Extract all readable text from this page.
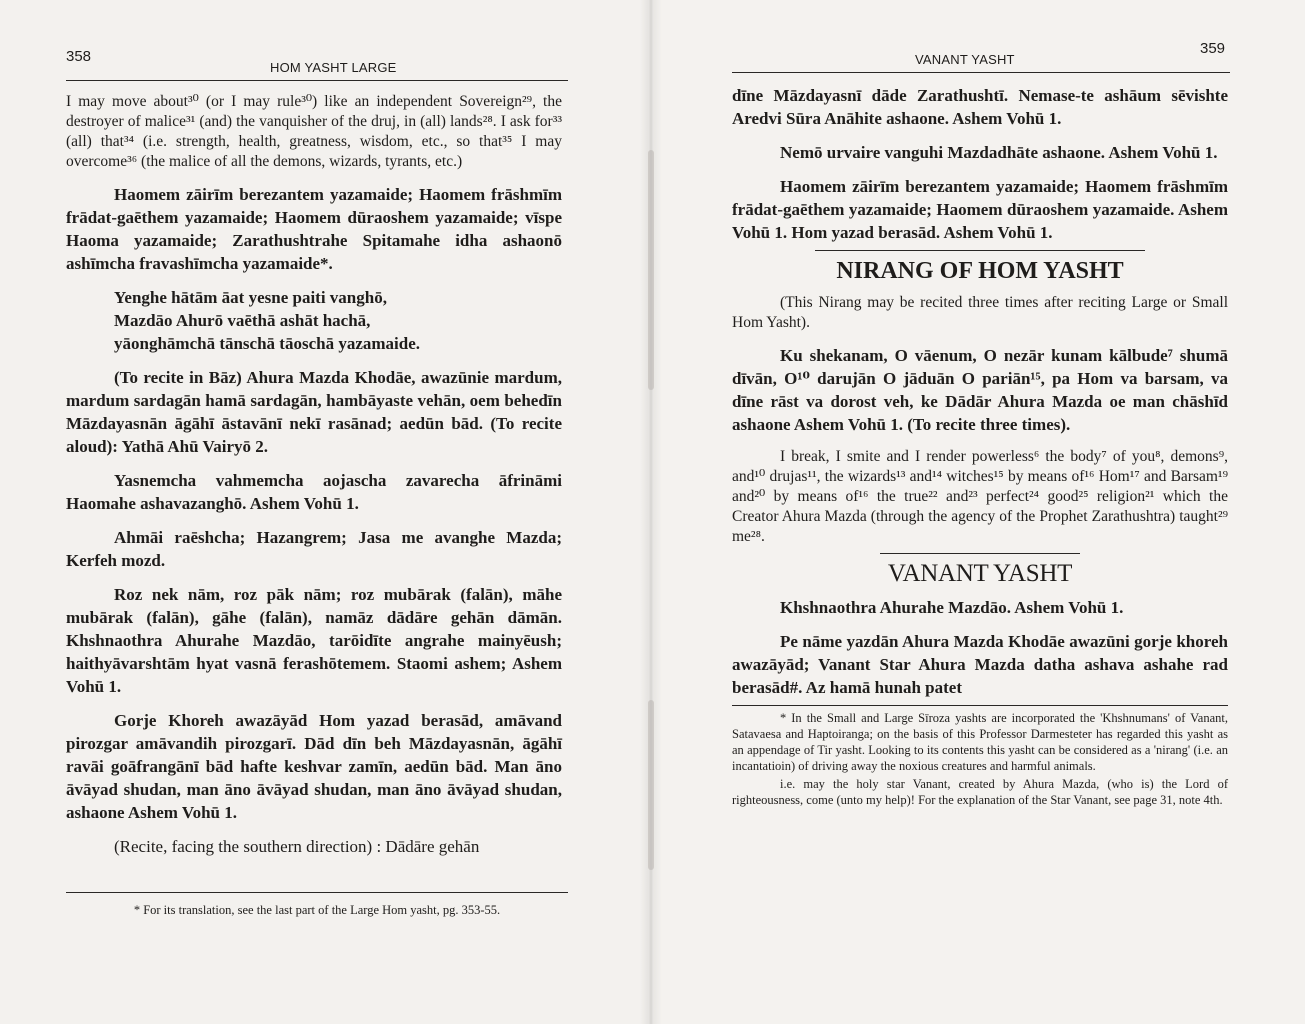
358
HOM YASHT LARGE

I may move about³⁰ (or I may rule³⁰) like an independent Sovereign²⁹, the destroyer of malice³¹ (and) the vanquisher of the druj, in (all) lands²⁸. I ask for³³ (all) that³⁴ (i.e. strength, health, greatness, wisdom, etc., so that³⁵ I may overcome³⁶ (the malice of all the demons, wizards, tyrants, etc.)

Haomem zāirīm berezantem yazamaide; Haomem frāshmīm frādat-gaēthem yazamaide; Haomem dūraoshem yazamaide; vīspe Haoma yazamaide; Zarathushtrahe Spitamahe idha ashaonō ashīmcha fravashīmcha yazamaide*.

Yenghe hātām āat yesne paiti vanghō,

Mazdāo Ahurō vaēthā ashāt hachā,

yāonghāmchā tānschā tāoschā yazamaide.

(To recite in Bāz) Ahura Mazda Khodāe, awazūnie mardum, mardum sardagān hamā sardagān, hambāyaste vehān, oem behedīn Māzdayasnān āgāhī āstavānī nekī rasānad; aedūn bād. (To recite aloud): Yathā Ahū Vairyō 2.

Yasnemcha vahmemcha aojascha zavarecha āfrināmi Haomahe ashavazanghō. Ashem Vohū 1.

Ahmāi raēshcha; Hazangrem; Jasa me avanghe Mazda; Kerfeh mozd.

Roz nek nām, roz pāk nām; roz mubārak (falān), māhe mubārak (falān), gāhe (falān), namāz dādāre gehān dāmān. Khshnaothra Ahurahe Mazdāo, tarōidīte angrahe mainyēush; haithyāvarshtām hyat vasnā ferashōtemem. Staomi ashem; Ashem Vohū 1.

Gorje Khoreh awazāyād Hom yazad berasād, amāvand pirozgar amāvandih pirozgarī. Dād dīn beh Māzdayasnān, āgāhī ravāi goāfrangānī bād hafte keshvar zamīn, aedūn bād. Man āno āvāyad shudan, man āno āvāyad shudan, man āno āvāyad shudan, ashaone Ashem Vohū 1.

(Recite, facing the southern direction) : Dādāre gehān

* For its translation, see the last part of the Large Hom yasht, pg. 353-55.

VANANT YASHT
359

dīne Māzdayasnī dāde Zarathushtī. Nemase-te ashāum sēvishte Aredvi Sūra Anāhite ashaone. Ashem Vohū 1.

Nemō urvaire vanguhi Mazdadhāte ashaone. Ashem Vohū 1.

Haomem zāirīm berezantem yazamaide; Haomem frāshmīm frādat-gaēthem yazamaide; Haomem dūraoshem yazamaide. Ashem Vohū 1. Hom yazad berasād. Ashem Vohū 1.

NIRANG OF HOM YASHT

(This Nirang may be recited three times after reciting Large or Small Hom Yasht).

Ku shekanam, O vāenum, O nezār kunam kālbude⁷ shumā dīvān, O¹⁰ darujān O jāduān O pariān¹⁵, pa Hom va barsam, va dīne rāst va dorost veh, ke Dādār Ahura Mazda oe man chāshīd ashaone Ashem Vohū 1. (To recite three times).

I break, I smite and I render powerless⁶ the body⁷ of you⁸, demons⁹, and¹⁰ drujas¹¹, the wizards¹³ and¹⁴ witches¹⁵ by means of¹⁶ Hom¹⁷ and Barsam¹⁹ and²⁰ by means of¹⁶ the true²² and²³ perfect²⁴ good²⁵ religion²¹ which the Creator Ahura Mazda (through the agency of the Prophet Zarathushtra) taught²⁹ me²⁸.

VANANT YASHT

Khshnaothra Ahurahe Mazdāo. Ashem Vohū 1.

Pe nāme yazdān Ahura Mazda Khodāe awazūni gorje khoreh awazāyād; Vanant Star Ahura Mazda datha ashava ashahe rad berasād#. Az hamā hunah patet

* In the Small and Large Sīroza yashts are incorporated the 'Khshnumans' of Vanant, Satavaesa and Haptoiranga; on the basis of this Professor Darmesteter has regarded this yasht as an appendage of Tir yasht. Looking to its contents this yasht can be considered as a 'nirang' (i.e. an incantatioin) of driving away the noxious creatures and harmful animals.

i.e. may the holy star Vanant, created by Ahura Mazda, (who is) the Lord of righteousness, come (unto my help)! For the explanation of the Star Vanant, see page 31, note 4th.
